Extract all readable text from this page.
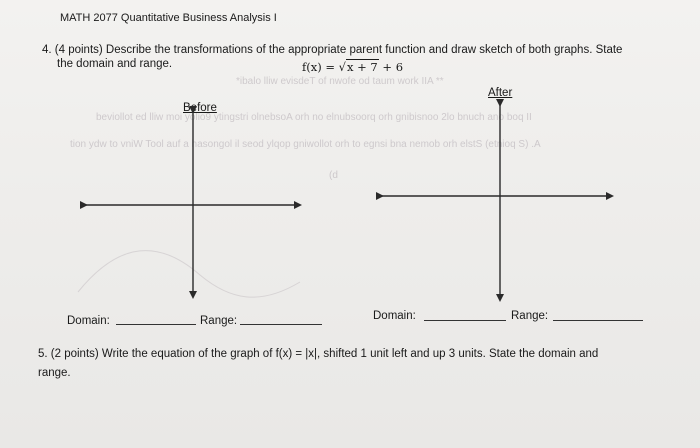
*ibalo lliw evisdeT of nwofe od taum work IIA **
beviollot ed lliw moi yolio9 ytingstri olnebsoA orh no elnubsoorq orh gnibisnoo 2lo bnuch ano boq II
tion ydw to vniW Tool auf a hasongol il seod ylqop gniwollot orh to egnsi bna nemob orh elstS (etnioq S) .A
(d
MATH 2077 Quantitative Business Analysis I
4. (4 points) Describe the transformations of the appropriate parent function and draw sketch of both graphs. State
the domain and range.	f(x) = √x + 7 + 6
Before
After
Domain:	Range:	Domain:	Range:
5. (2 points) Write the equation of the graph of f(x) = |x|, shifted 1 unit left and up 3 units. State the domain and
range.
